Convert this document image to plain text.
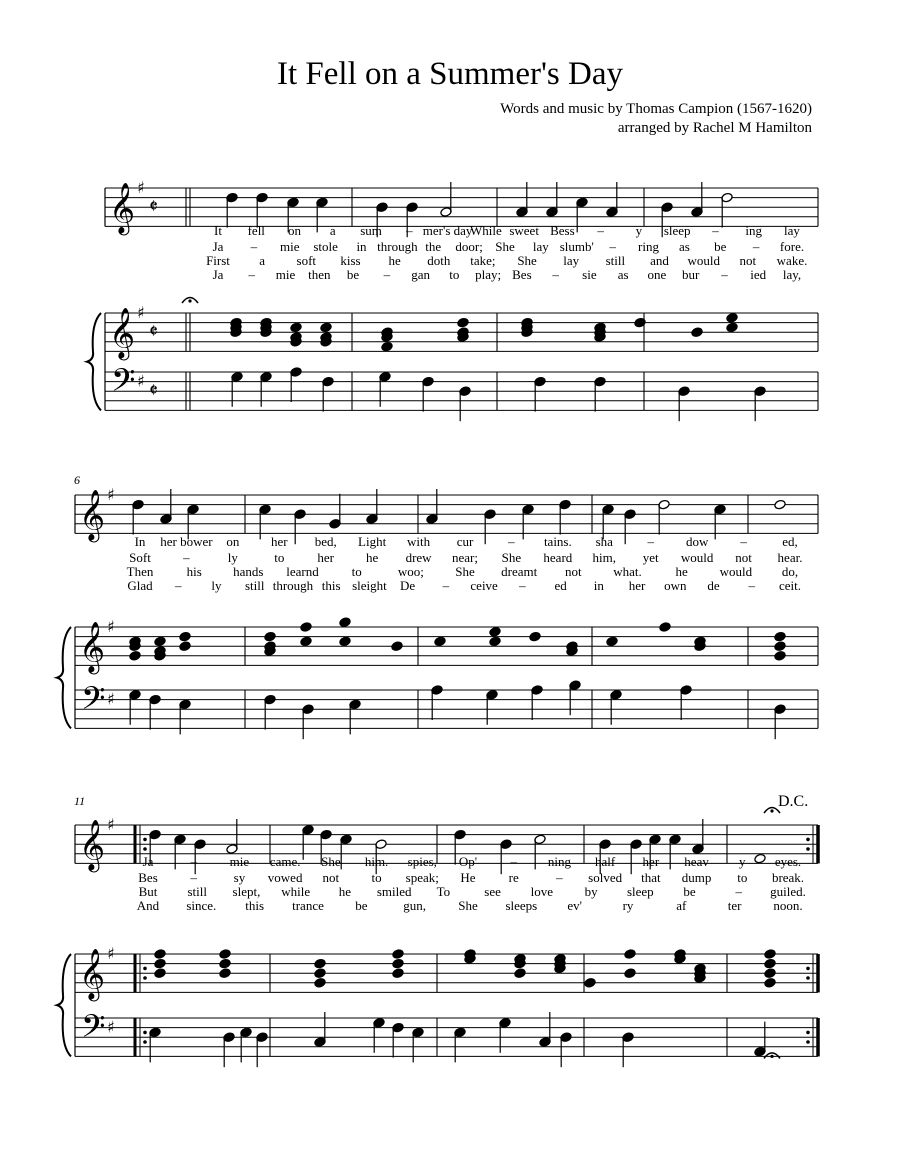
It Fell on a Summer's Day
Words and music by Thomas Campion (1567-1620)
arranged by Rachel M Hamilton
It fell on a sum – mer's day
While sweet Bess – y sleep – ing lay
In her bower on her bed, Light with cur	– tains. sha	– dow –	ed,
Ja	–	mie came. She him. spies, Op'	– ning half her heav y eyes.
Ja – mie stole in through the door; She lay slumb' – ring as be – fore.
Soft –	ly	to	her he drew near; She heard him, yet would not hear.
Bes	–	sy vowed not to speak; He	re	– solved that dump to break.
First a soft kiss he doth take; She lay still and would not wake.
Then	his hands learnd	to	woo; She dreamt not what.	he would do,
But still slept, while he smiled To	see love by sleep be	– guiled.
Ja – mie then be – gan to play; Bes – sie as one bur – ied lay,
Glad – ly still through this sleight De – ceive – ed in her own de – ceit.
And since. this trance be	gun, She sleeps ev'	ry	af	ter noon.
𝄞
𝄞
𝄢
♯
♯
♯
𝄵
𝄵
𝄵
𝄞
𝄞
𝄢
♯
♯
♯
𝄞
𝄞
𝄢
♯
♯
♯
6
11	D.C.
